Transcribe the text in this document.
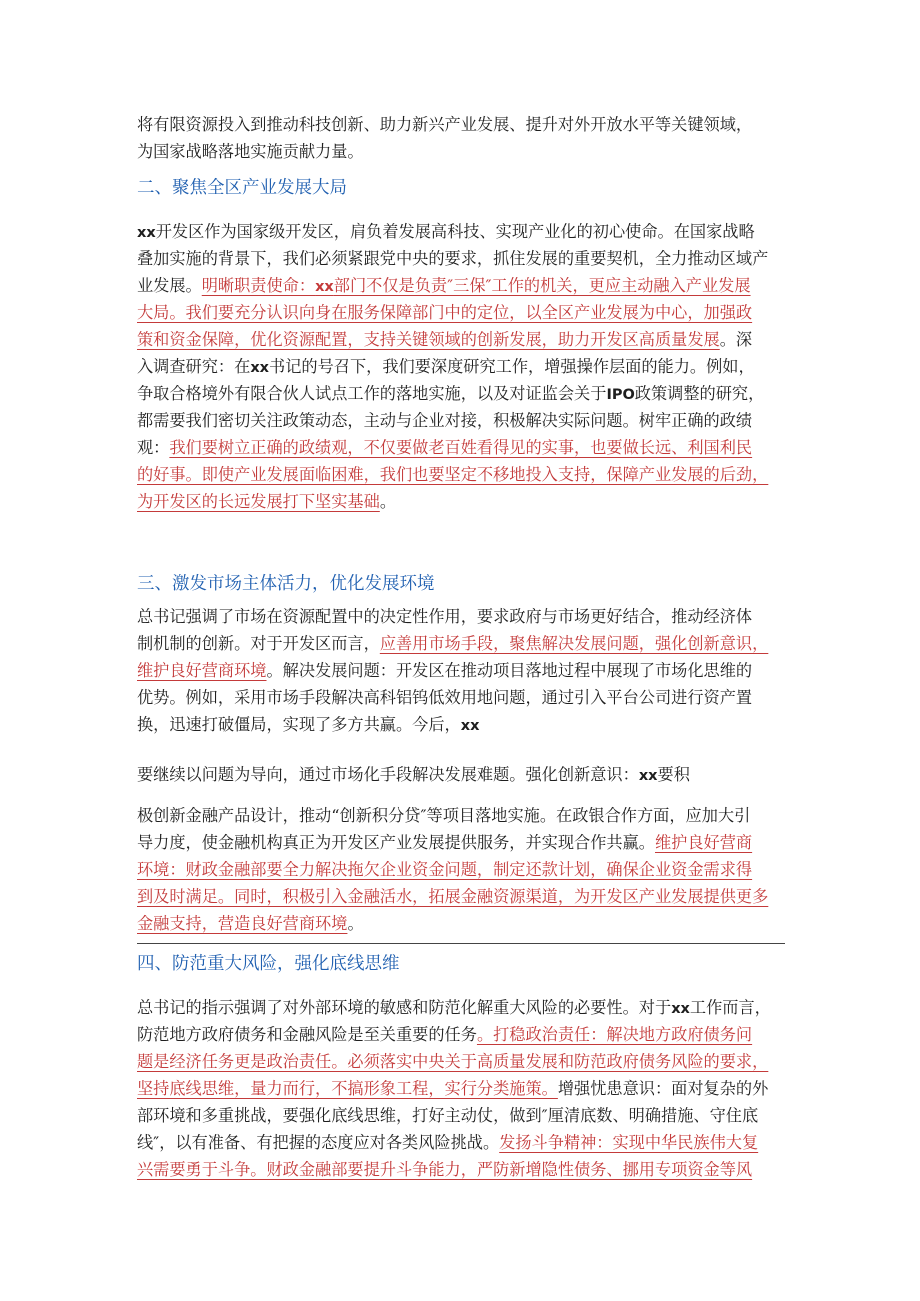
将有限资源投入到推动科技创新、助力新兴产业发展、提升对外开放水平等关键领域，
为国家战略落地实施贡献力量。

二、聚焦全区产业发展大局

xx开发区作为国家级开发区，肩负着发展高科技、实现产业化的初心使命。在国家战略
叠加实施的背景下，我们必须紧跟党中央的要求，抓住发展的重要契机，全力推动区域产
业发展。明晰职责使命：xx部门不仅是负责″三保″工作的机关，更应主动融入产业发展
大局。我们要充分认识向身在服务保障部门中的定位，以全区产业发展为中心，加强政
策和资金保障，优化资源配置，支持关键领域的创新发展，助力开发区高质量发展。深
入调查研究：在xx书记的号召下，我们要深度研究工作，增强操作层面的能力。例如，
争取合格境外有限合伙人试点工作的落地实施，以及对证监会关于IPO政策调整的研究，
都需要我们密切关注政策动态，主动与企业对接，积极解决实际问题。树牢正确的政绩
观：我们要树立正确的政绩观，不仅要做老百姓看得见的实事，也要做长远、利国利民
的好事。即使产业发展面临困难，我们也要坚定不移地投入支持，保障产业发展的后劲，
为开发区的长远发展打下坚实基础。

三、激发市场主体活力，优化发展环境

总书记强调了市场在资源配置中的决定性作用，要求政府与市场更好结合，推动经济体
制机制的创新。对于开发区而言，应善用市场手段，聚焦解决发展问题，强化创新意识，
维护良好营商环境。解决发展问题：开发区在推动项目落地过程中展现了市场化思维的
优势。例如，采用市场手段解决高科铝钨低效用地问题，通过引入平台公司进行资产置
换，迅速打破僵局，实现了多方共赢。今后，xx

要继续以问题为导向，通过市场化手段解决发展难题。强化创新意识：xx要积

极创新金融产品设计，推动“创新积分贷″等项目落地实施。在政银合作方面，应加大引
导力度，使金融机构真正为开发区产业发展提供服务，并实现合作共赢。维护良好营商
环境：财政金融部要全力解决拖欠企业资金问题，制定还款计划，确保企业资金需求得
到及时满足。同时，积极引入金融活水，拓展金融资源渠道，为开发区产业发展提供更多
金融支持，营造良好营商环境。

四、防范重大风险，强化底线思维

总书记的指示强调了对外部环境的敏感和防范化解重大风险的必要性。对于xx工作而言，
防范地方政府债务和金融风险是至关重要的任务。打稳政治责任：解决地方政府债务问
题是经济任务更是政治责任。必须落实中央关于高质量发展和防范政府债务风险的要求，
坚持底线思维，量力而行，不搞形象工程，实行分类施策。增强忧患意识：面对复杂的外
部环境和多重挑战，要强化底线思维，打好主动仗，做到″厘清底数、明确措施、守住底
线″，以有准备、有把握的态度应对各类风险挑战。发扬斗争精神：实现中华民族伟大复
兴需要勇于斗争。财政金融部要提升斗争能力，严防新增隐性债务、挪用专项资金等风
